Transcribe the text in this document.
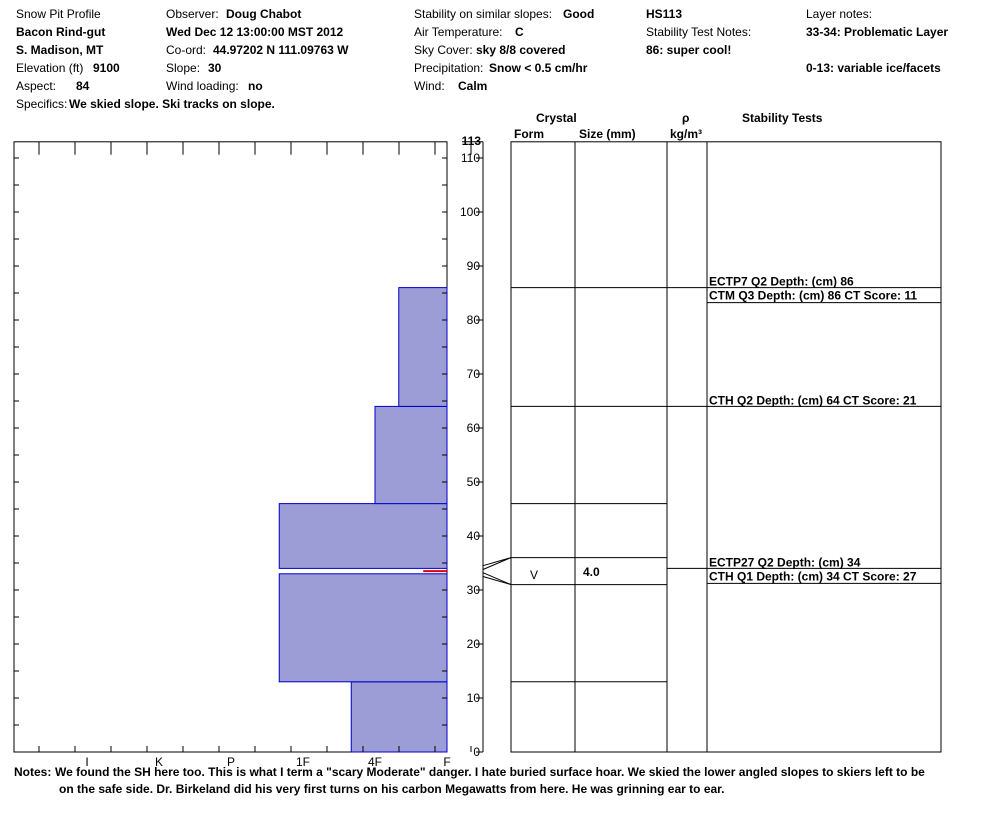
Snow Pit Profile
Bacon Rind-gut
S. Madison, MT
Elevation (ft) 9100
Aspect: 84
Specifics: We skied slope. Ski tracks on slope.
Observer: Doug Chabot
Wed Dec 12 13:00:00 MST 2012
Co-ord: 44.97202 N 111.09763 W
Slope: 30
Wind loading: no
Stability on similar slopes: Good
Air Temperature: C
Sky Cover: sky 8/8 covered
Precipitation: Snow < 0.5 cm/hr
Wind: Calm
HS113
Stability Test Notes:
86: super cool!
Layer notes:
33-34: Problematic Layer
0-13: variable ice/facets
Crystal
Form	Size (mm)
ρ
kg/m³
Stability Tests
I	K	P	1F	4F	F
0
10
20
30
40
50
60
70
80
90
100
110
113
V	4.0
ECTP7 Q2 Depth: (cm) 86
CTM Q3 Depth: (cm) 86 CT Score: 11
CTH Q2 Depth: (cm) 64 CT Score: 21
ECTP27 Q2 Depth: (cm) 34
CTH Q1 Depth: (cm) 34 CT Score: 27
Notes: We found the SH here too. This is what I term a "scary Moderate" danger. I hate buried surface hoar. We skied the lower angled slopes to skiers left to be
on the safe side. Dr. Birkeland did his very first turns on his carbon Megawatts from here. He was grinning ear to ear.
